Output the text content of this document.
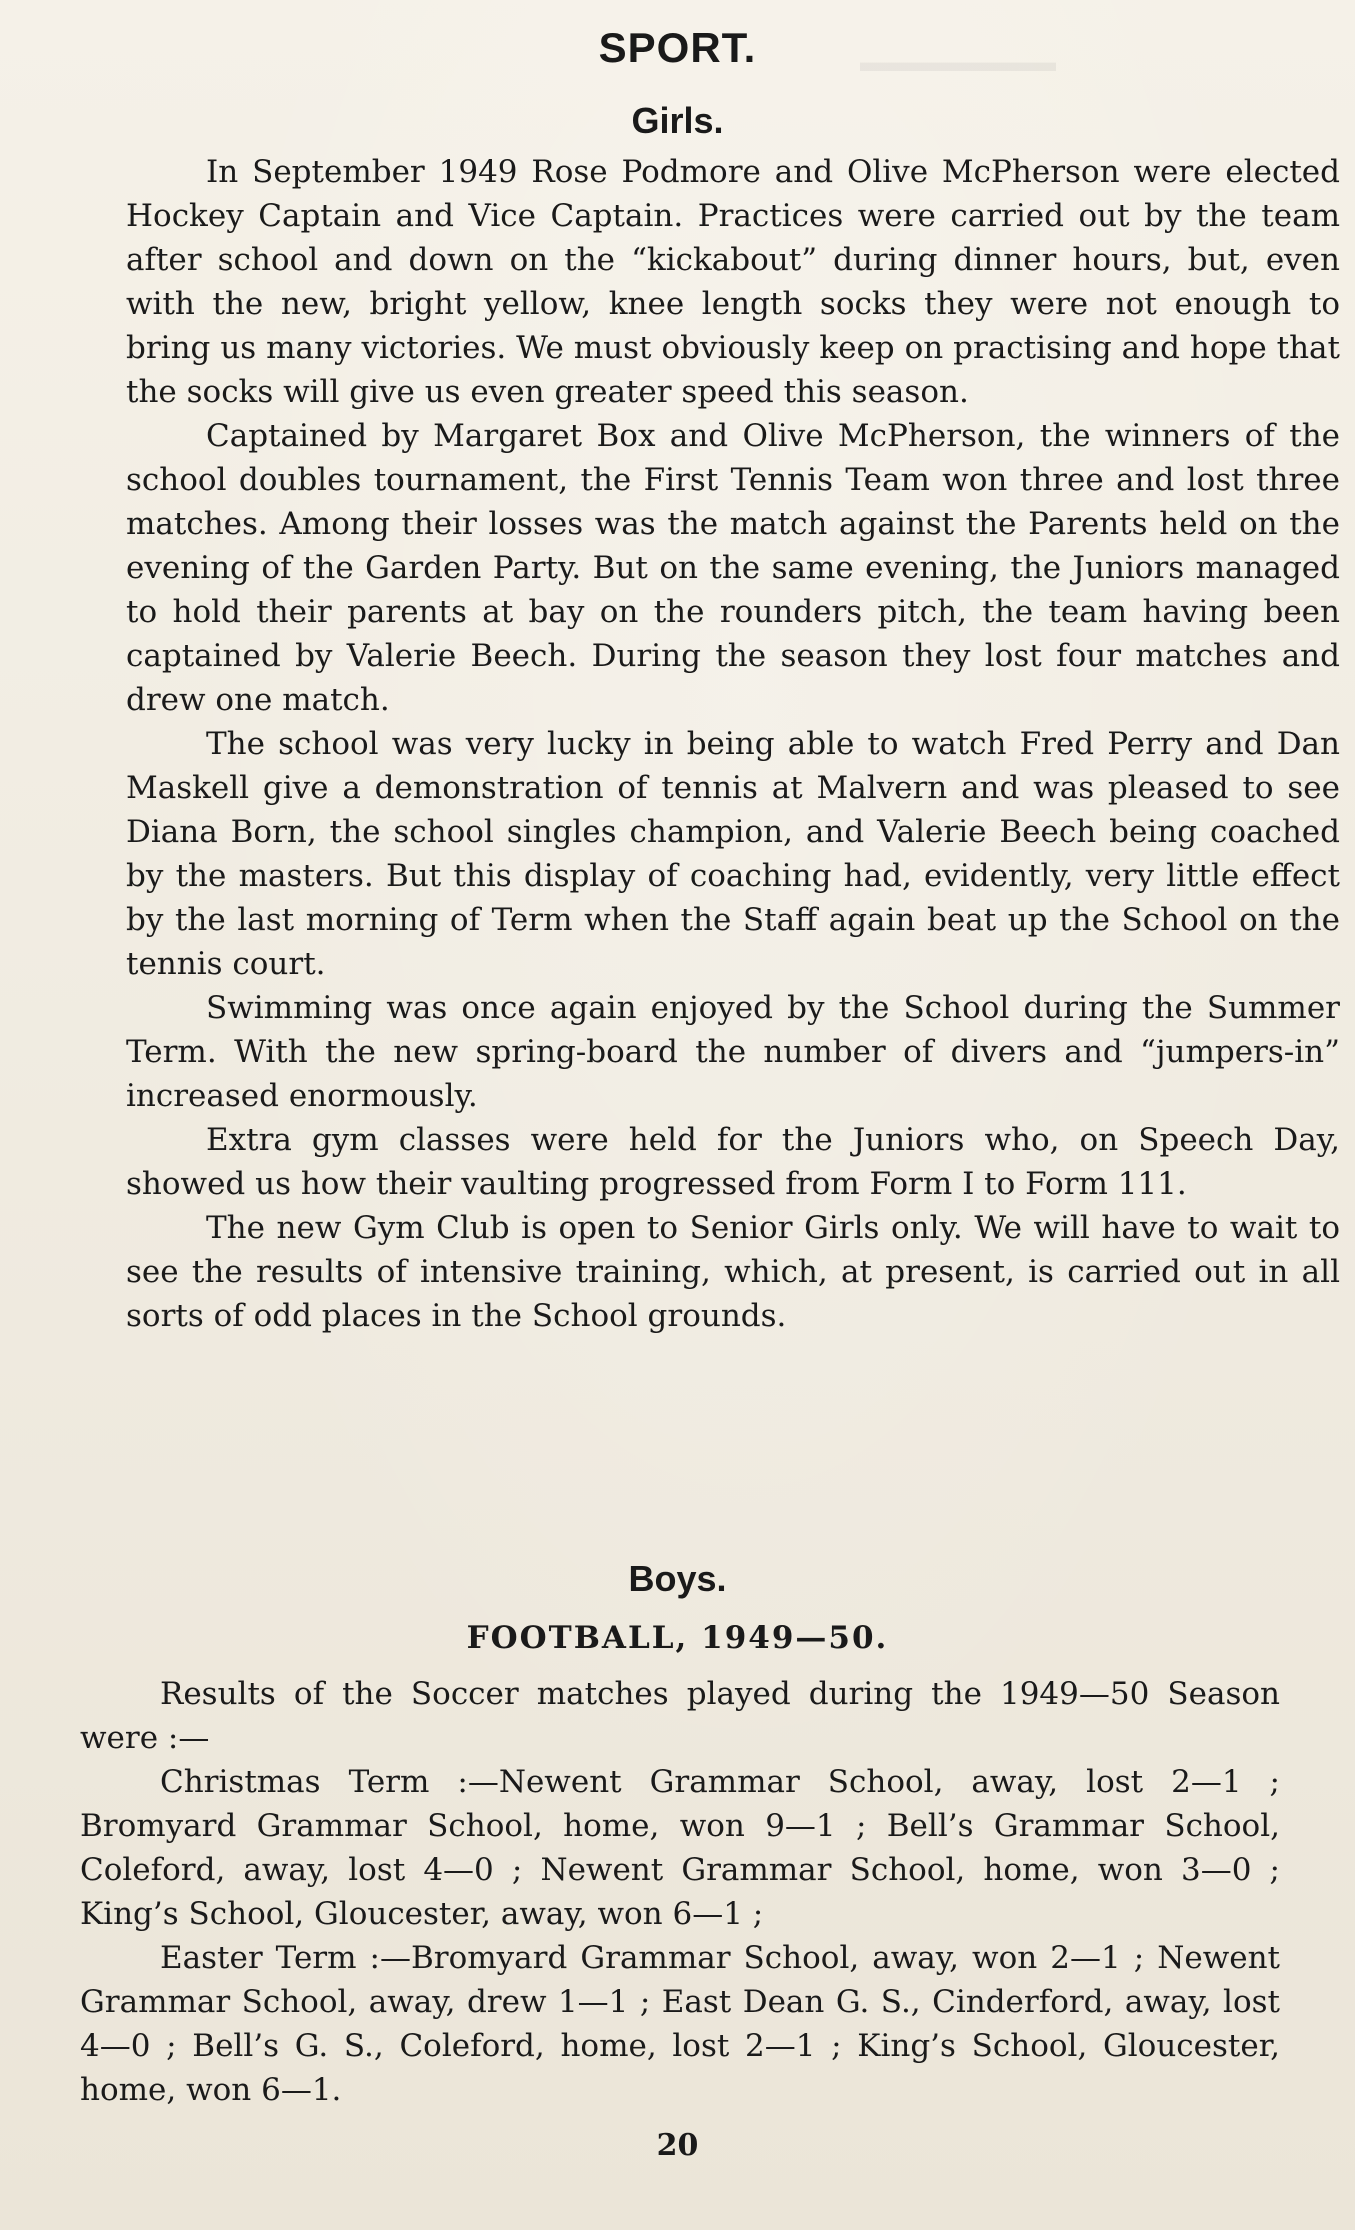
▬▬▬▬▬▬▬
SPORT.
Girls.

In September 1949 Rose Podmore and Olive McPherson were elected Hockey Captain and Vice Captain. Practices were carried out by the team after school and down on the “kickabout” during dinner hours, but, even with the new, bright yellow, knee length socks they were not enough to bring us many victories. We must obviously keep on practising and hope that the socks will give us even greater speed this season.

Captained by Margaret Box and Olive McPherson, the winners of the school doubles tournament, the First Tennis Team won three and lost three matches. Among their losses was the match against the Parents held on the evening of the Garden Party. But on the same evening, the Juniors managed to hold their parents at bay on the rounders pitch, the team having been captained by Valerie Beech. During the season they lost four matches and drew one match.

The school was very lucky in being able to watch Fred Perry and Dan Maskell give a demonstration of tennis at Malvern and was pleased to see Diana Born, the school singles champion, and Valerie Beech being coached by the masters. But this display of coaching had, evidently, very little effect by the last morning of Term when the Staff again beat up the School on the tennis court.

Swimming was once again enjoyed by the School during the Summer Term. With the new spring-board the number of divers and “jumpers-in” increased enormously.

Extra gym classes were held for the Juniors who, on Speech Day, showed us how their vaulting progressed from Form I to Form 111.

The new Gym Club is open to Senior Girls only. We will have to wait to see the results of intensive training, which, at present, is carried out in all sorts of odd places in the School grounds.

Boys.
FOOTBALL, 1949—50.

Results of the Soccer matches played during the 1949—50 Season were :—

Christmas Term :—Newent Grammar School, away, lost 2—1 ; Bromyard Grammar School, home, won 9—1 ; Bell’s Grammar School, Coleford, away, lost 4—0 ; Newent Grammar School, home, won 3—0 ; King’s School, Gloucester, away, won 6—1 ;

Easter Term :—Bromyard Grammar School, away, won 2—1 ; Newent Grammar School, away, drew 1—1 ; East Dean G. S., Cinderford, away, lost 4—0 ; Bell’s G. S., Coleford, home, lost 2—1 ; King’s School, Gloucester, home, won 6—1.

20
